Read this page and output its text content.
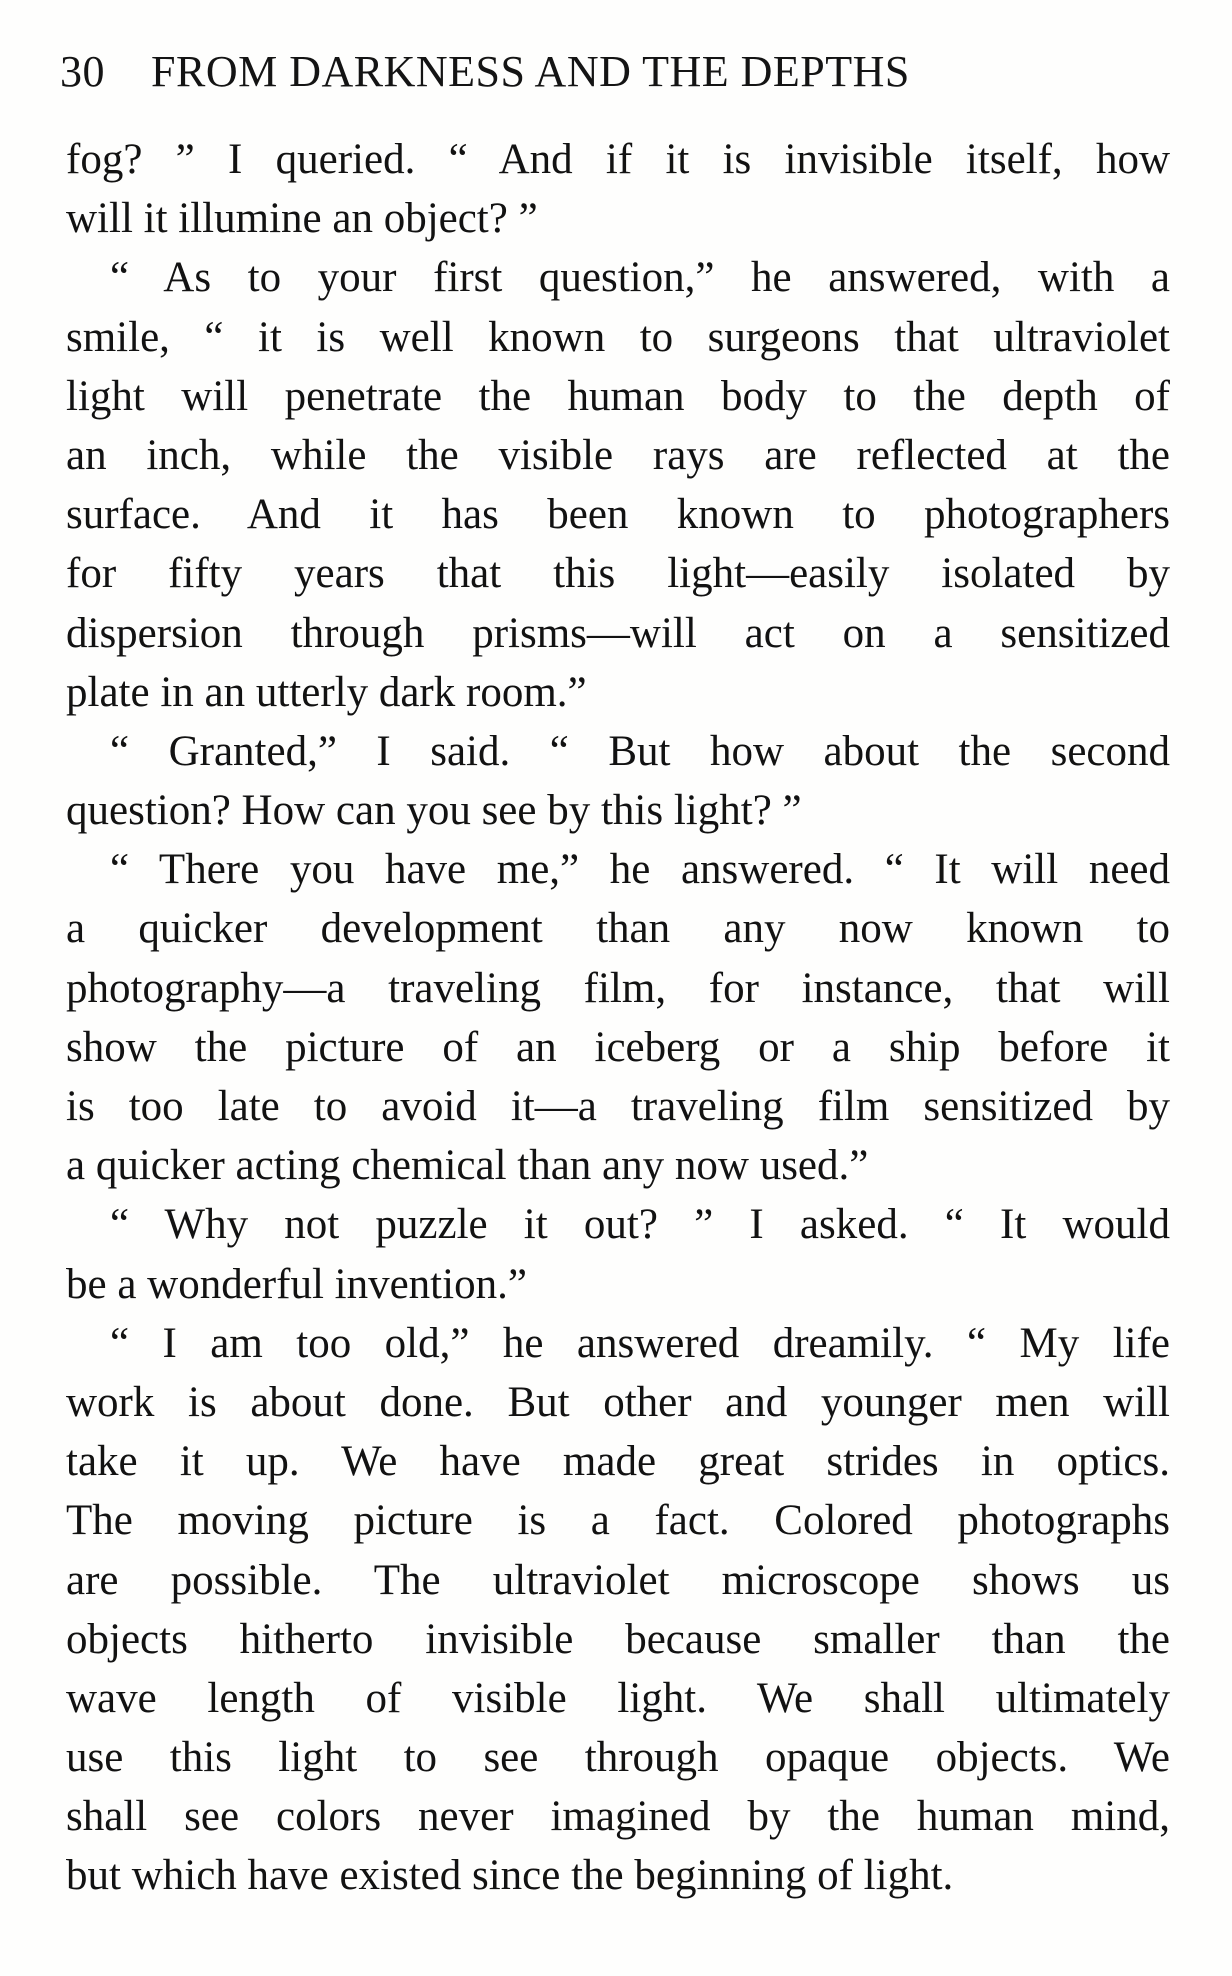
30 FROM DARKNESS AND THE DEPTHS
fog? ” I queried. “ And if it is invisible itself, how
will it illumine an object? ”
“ As to your first question,” he answered, with a
smile, “ it is well known to surgeons that ultraviolet
light will penetrate the human body to the depth of
an inch, while the visible rays are reflected at the
surface. And it has been known to photographers
for fifty years that this light—easily isolated by
dispersion through prisms—will act on a sensitized
plate in an utterly dark room.”
“ Granted,” I said. “ But how about the second
question? How can you see by this light? ”
“ There you have me,” he answered. “ It will need
a quicker development than any now known to
photography—a traveling film, for instance, that will
show the picture of an iceberg or a ship before it
is too late to avoid it—a traveling film sensitized by
a quicker acting chemical than any now used.”
“ Why not puzzle it out? ” I asked. “ It would
be a wonderful invention.”
“ I am too old,” he answered dreamily. “ My life
work is about done. But other and younger men will
take it up. We have made great strides in optics.
The moving picture is a fact. Colored photographs
are possible. The ultraviolet microscope shows us
objects hitherto invisible because smaller than the
wave length of visible light. We shall ultimately
use this light to see through opaque objects. We
shall see colors never imagined by the human mind,
but which have existed since the beginning of light.
